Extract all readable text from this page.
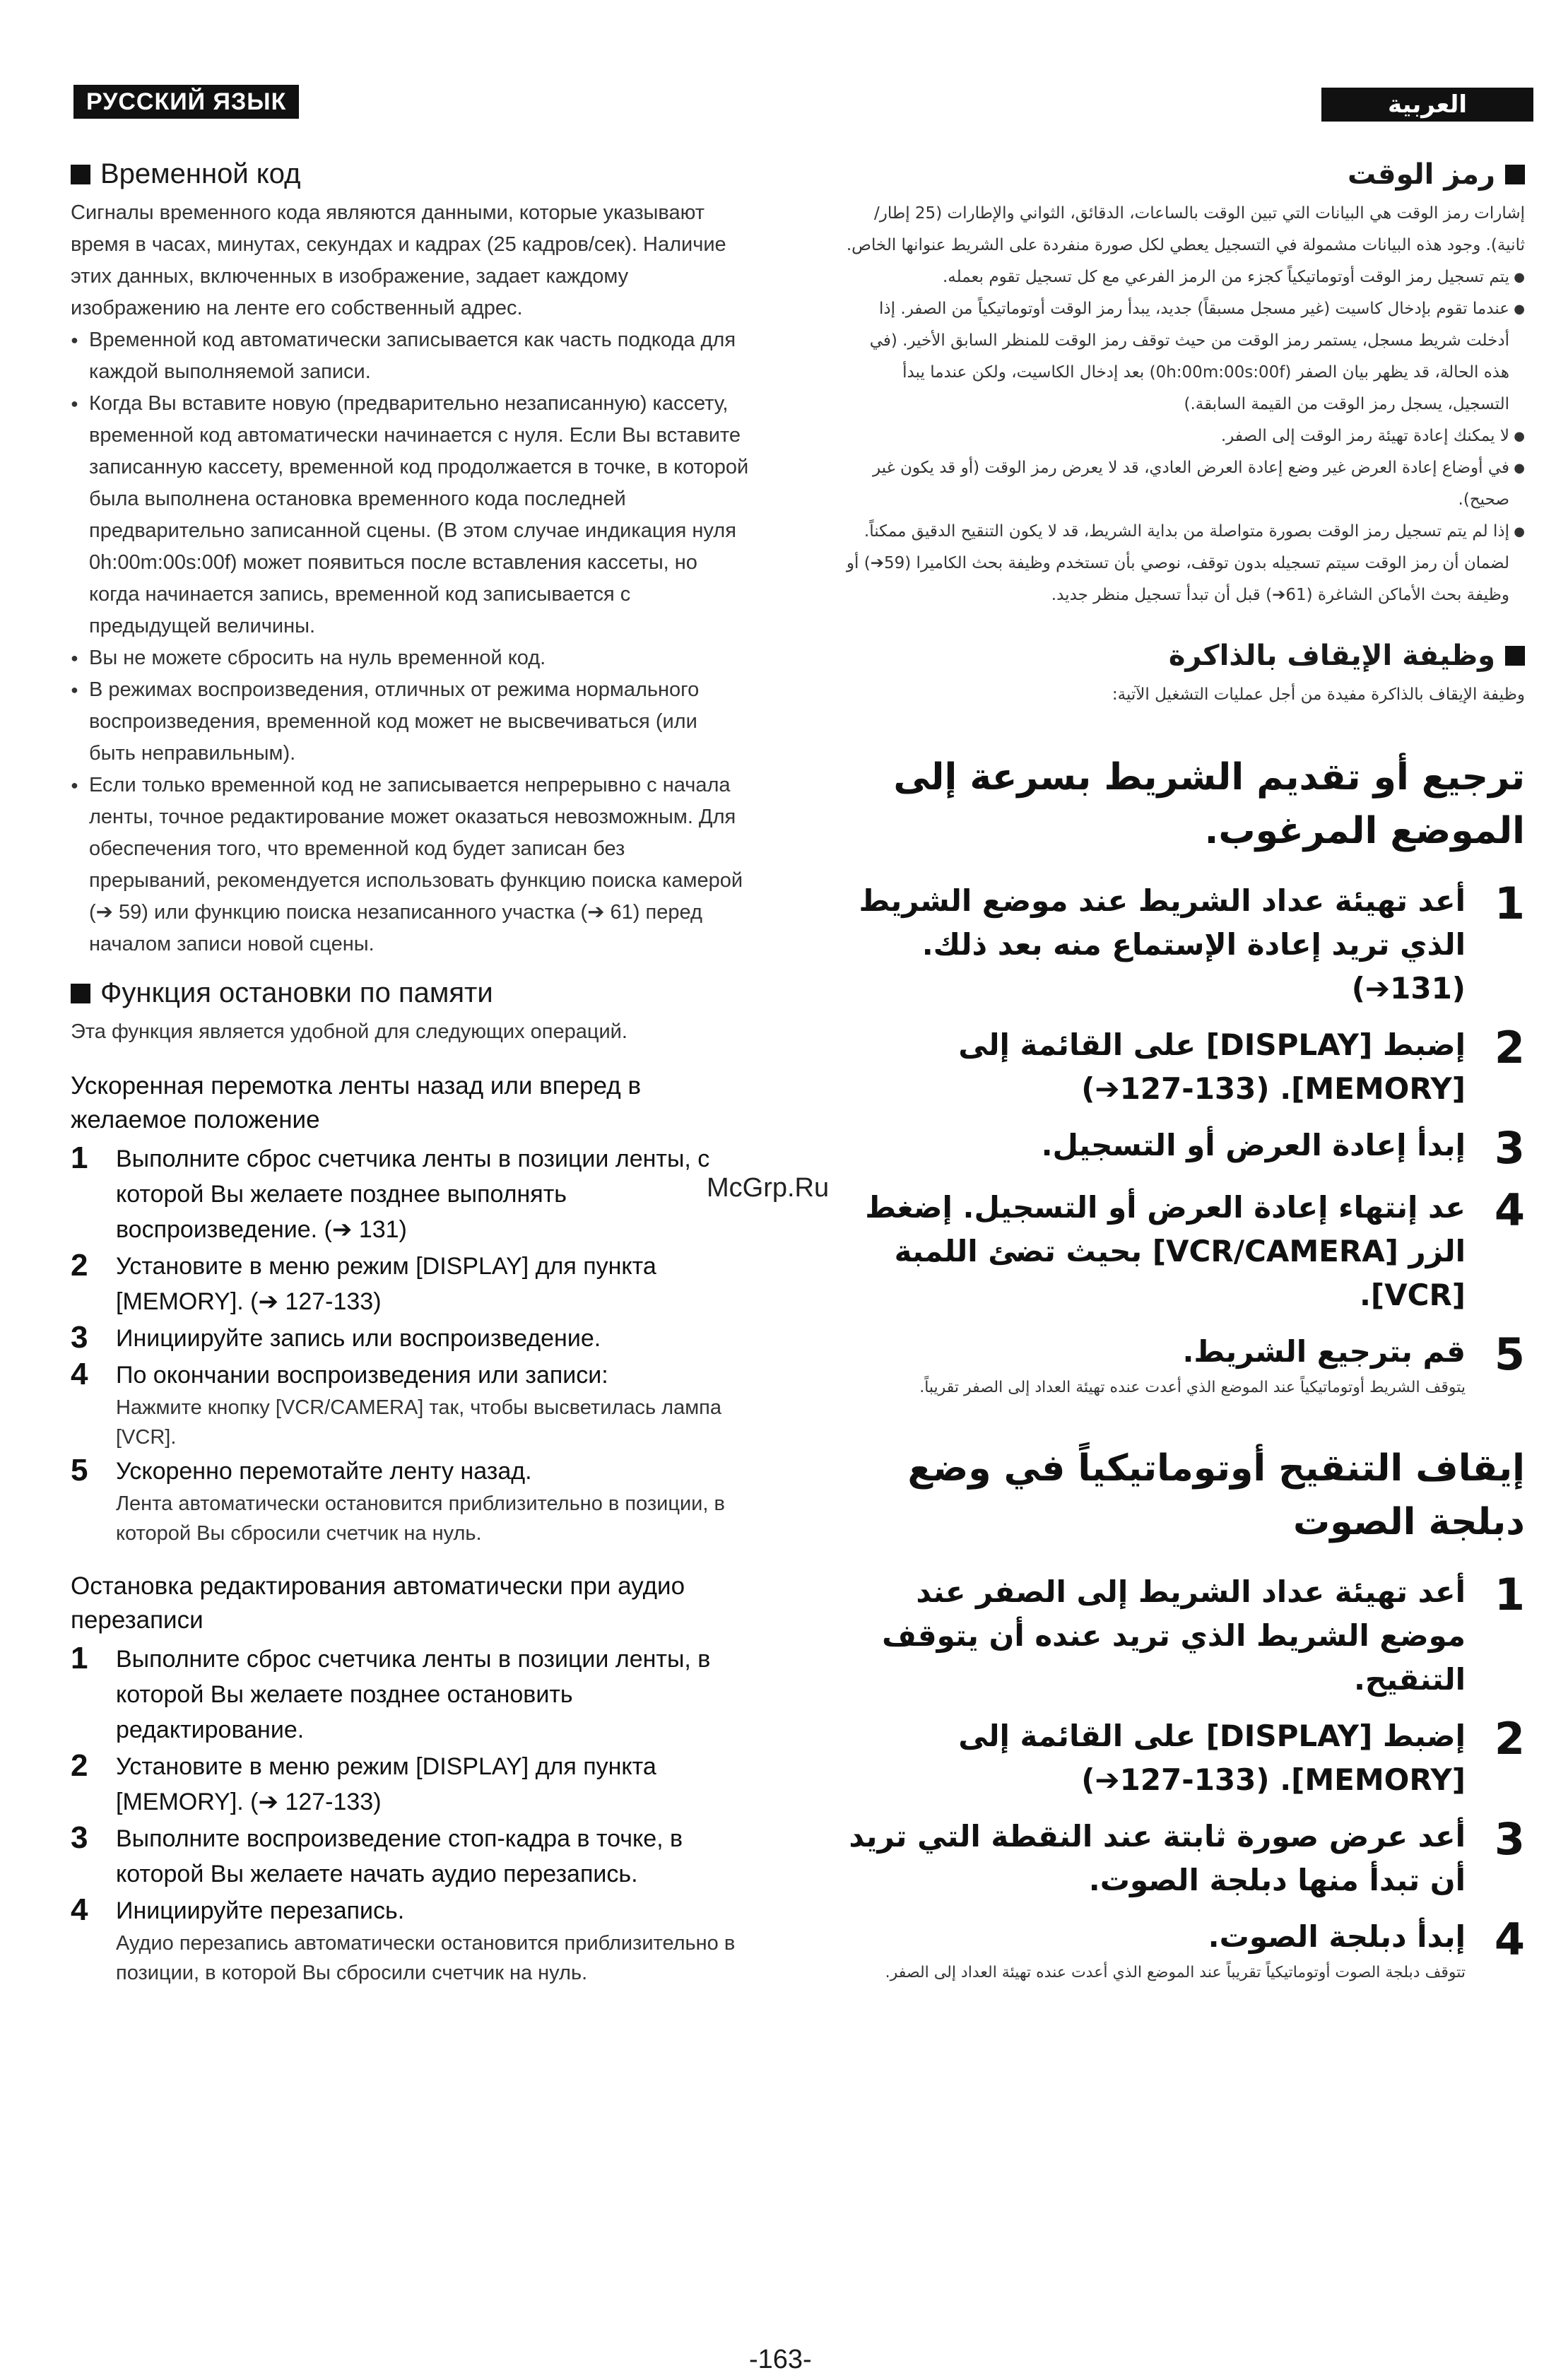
РУССКИЙ ЯЗЫК	العربية
Временной код

Сигналы временного кода являются данными, которые указывают время в часах, минутах, секундах и кадрах (25 кадров/сек). Наличие этих данных, включенных в изображение, задает каждому изображению на ленте его собственный адрес.

● Временной код автоматически записывается как часть подкода для каждой выполняемой записи.

● Когда Вы вставите новую (предварительно незаписанную) кассету, временной код автоматически начинается с нуля. Если Вы вставите записанную кассету, временной код продолжается в точке, в которой была выполнена остановка временного кода последней предварительно записанной сцены. (В этом случае индикация нуля 0h:00m:00s:00f) может появиться после вставления кассеты, но когда начинается запись, временной код записывается с предыдущей величины.

● Вы не можете сбросить на нуль временной код.

● В режимах воспроизведения, отличных от режима нормального воспроизведения, временной код может не высвечиваться (или быть неправильным).

● Если только временной код не записывается непрерывно с начала ленты, точное редактирование может оказаться невозможным. Для обеспечения того, что временной код будет записан без прерываний, рекомендуется использовать функцию поиска камерой (➔ 59) или функцию поиска незаписанного участка (➔ 61) перед началом записи новой сцены.

Функция остановки по памяти

Эта функция является удобной для следующих операций.

Ускоренная перемотка ленты назад или вперед в желаемое положение
1	Выполните сброс счетчика ленты в позиции ленты, с которой Вы желаете позднее выполнять воспроизведение. (➔ 131)
2	Установите в меню режим [DISPLAY] для пункта [MEMORY]. (➔ 127-133)
3	Инициируйте запись или воспроизведение.
4	По окончании воспроизведения или записи:
Нажмите кнопку [VCR/CAMERA] так, чтобы высветилась лампа [VCR].
5	Ускоренно перемотайте ленту назад.
Лента автоматически остановится приблизительно в позиции, в которой Вы сбросили счетчик на нуль.
Остановка редактирования автоматически при аудио перезаписи
1	Выполните сброс счетчика ленты в позиции ленты, в которой Вы желаете позднее остановить редактирование.
2	Установите в меню режим [DISPLAY] для пункта [MEMORY]. (➔ 127-133)
3	Выполните воспроизведение стоп-кадра в точке, в которой Вы желаете начать аудио перезапись.
4	Инициируйте перезапись.
Аудио перезапись автоматически остановится приблизительно в позиции, в которой Вы сбросили счетчик на нуль.
رمز الوقت

إشارات رمز الوقت هي البيانات التي تبين الوقت بالساعات، الدقائق، الثواني والإطارات (25 إطار/ثانية). وجود هذه البيانات مشمولة في التسجيل يعطي لكل صورة منفردة على الشريط عنوانها الخاص.

● يتم تسجيل رمز الوقت أوتوماتيكياً كجزء من الرمز الفرعي مع كل تسجيل تقوم بعمله.

● عندما تقوم بإدخال كاسيت (غير مسجل مسبقاً) جديد، يبدأ رمز الوقت أوتوماتيكياً من الصفر. إذا أدخلت شريط مسجل، يستمر رمز الوقت من حيث توقف رمز الوقت للمنظر السابق الأخير. (في هذه الحالة، قد يظهر بيان الصفر (0h:00m:00s:00f) بعد إدخال الكاسيت، ولكن عندما يبدأ التسجيل، يسجل رمز الوقت من القيمة السابقة.)

● لا يمكنك إعادة تهيئة رمز الوقت إلى الصفر.

● في أوضاع إعادة العرض غير وضع إعادة العرض العادي، قد لا يعرض رمز الوقت (أو قد يكون غير صحيح).

● إذا لم يتم تسجيل رمز الوقت بصورة متواصلة من بداية الشريط، قد لا يكون التنقيح الدقيق ممكناً. لضمان أن رمز الوقت سيتم تسجيله بدون توقف، نوصي بأن تستخدم وظيفة بحث الكاميرا (59➔) أو وظيفة بحث الأماكن الشاغرة (61➔) قبل أن تبدأ تسجيل منظر جديد.

وظيفة الإيقاف بالذاكرة

وظيفة الإيقاف بالذاكرة مفيدة من أجل عمليات التشغيل الآتية:

ترجيع أو تقديم الشريط بسرعة إلى الموضع المرغوب.
1
أعد تهيئة عداد الشريط عند موضع الشريط الذي تريد إعادة الإستماع منه بعد ذلك. (131➔)
2
إضبط [DISPLAY] على القائمة إلى [MEMORY]. (127-133➔)
3
إبدأ إعادة العرض أو التسجيل.
4
عد إنتهاء إعادة العرض أو التسجيل. إضغط الزر [VCR/CAMERA] بحيث تضئ اللمبة [VCR].
5
قم بترجيع الشريط.
يتوقف الشريط أوتوماتيكياً عند الموضع الذي أعدت عنده تهيئة العداد إلى الصفر تقريباً.
إيقاف التنقيح أوتوماتيكياً في وضع دبلجة الصوت
1
أعد تهيئة عداد الشريط إلى الصفر عند موضع الشريط الذي تريد عنده أن يتوقف التنقيح.
2
إضبط [DISPLAY] على القائمة إلى [MEMORY]. (127-133➔)
3
أعد عرض صورة ثابتة عند النقطة التي تريد أن تبدأ منها دبلجة الصوت.
4
إبدأ دبلجة الصوت.
تتوقف دبلجة الصوت أوتوماتيكياً تقريباً عند الموضع الذي أعدت عنده تهيئة العداد إلى الصفر.
McGrp.Ru
-163-
